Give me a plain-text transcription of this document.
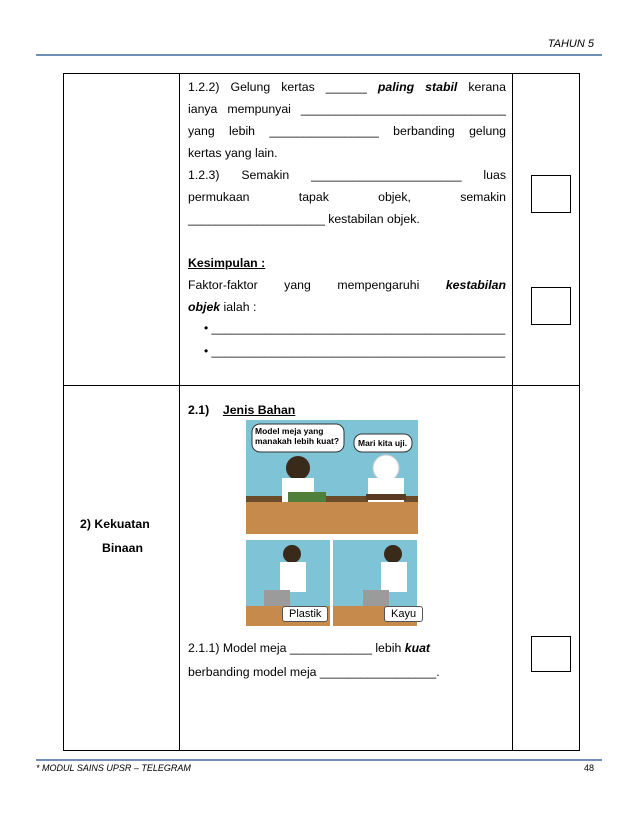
TAHUN 5
1.2.2) Gelung kertas ______ paling stabil kerana
ianya mempunyai ______________________________
yang lebih ________________ berbanding gelung
kertas yang lain.
1.2.3) Semakin ______________________ luas
permukaan tapak objek, semakin
____________________ kestabilan objek.
Kesimpulan :
Faktor-faktor yang mempengaruhi kestabilan
objek ialah :
• ____________________________________________
• ____________________________________________
2) Kekuatan
Binaan
2.1) Jenis Bahan
Model meja yang manakah lebih kuat?	Mari kita uji.
Plastik	Kayu
2.1.1) Model meja ____________ lebih kuat
berbanding model meja _________________.
* MODUL SAINS UPSR – TELEGRAM	48
